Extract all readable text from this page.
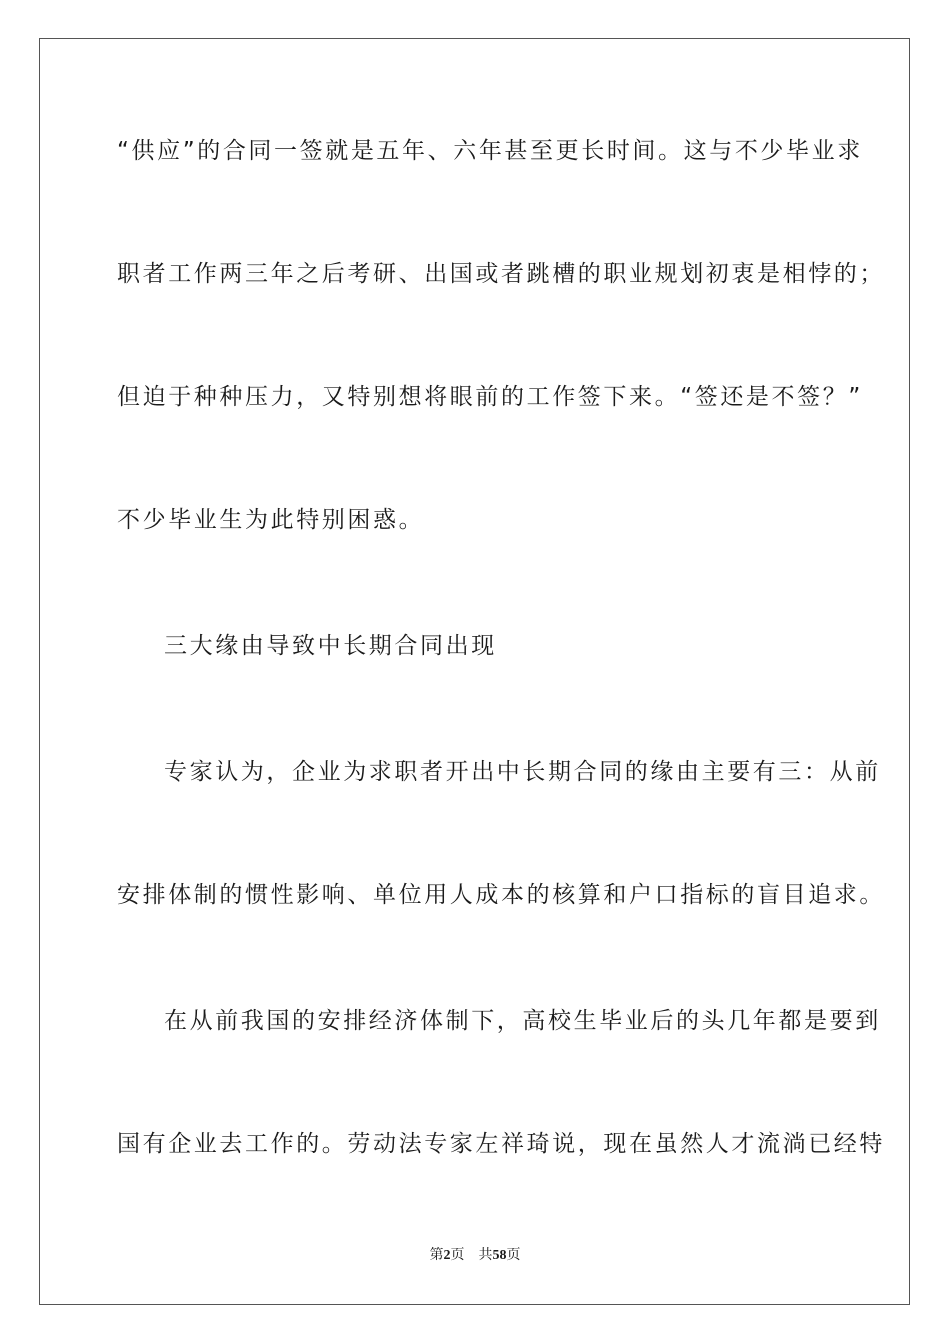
“供应”的合同一签就是五年、六年甚至更长时间。这与不少毕业求
职者工作两三年之后考研、出国或者跳槽的职业规划初衷是相悖的；
但迫于种种压力，又特别想将眼前的工作签下来。“签还是不签？”
不少毕业生为此特别困惑。
三大缘由导致中长期合同出现
专家认为，企业为求职者开出中长期合同的缘由主要有三：从前
安排体制的惯性影响、单位用人成本的核算和户口指标的盲目追求。
在从前我国的安排经济体制下，高校生毕业后的头几年都是要到
国有企业去工作的。劳动法专家左祥琦说，现在虽然人才流淌已经特
第2页 共58页
